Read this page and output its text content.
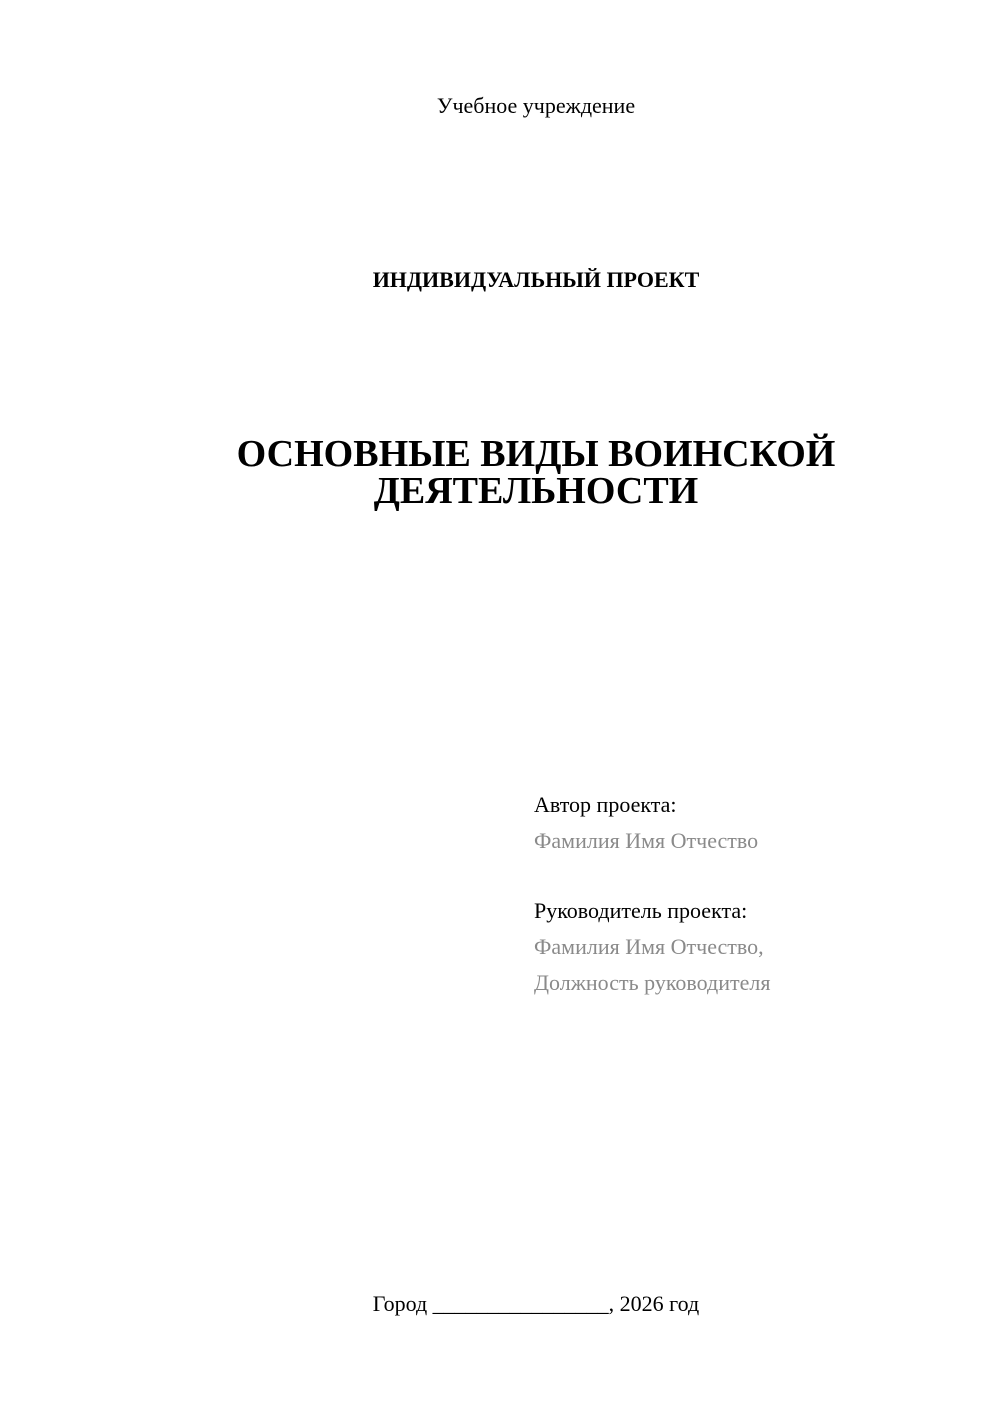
Учебное учреждение
ИНДИВИДУАЛЬНЫЙ ПРОЕКТ
ОСНОВНЫЕ ВИДЫ ВОИНСКОЙ
ДЕЯТЕЛЬНОСТИ
Автор проекта:
Фамилия Имя Отчество
Руководитель проекта:
Фамилия Имя Отчество,
Должность руководителя
Город ________________, 2026 год
